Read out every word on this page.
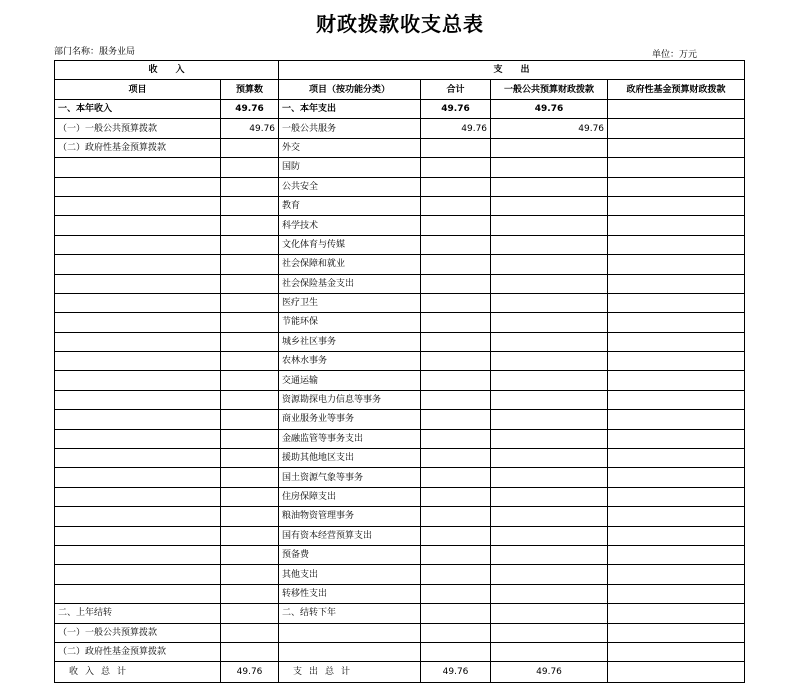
财政拨款收支总表
部门名称：服务业局	单位：万元
收　　入		支　　出			
项目	预算数	项目（按功能分类）	合计	一般公共预算财政拨款	政府性基金预算财政拨款
一、本年收入	49.76	一、本年支出	49.76	49.76	
（一）一般公共预算拨款	49.76	一般公共服务	49.76	49.76	
（二）政府性基金预算拨款		外交			
		国防			
		公共安全			
		教育			
		科学技术			
		文化体育与传媒			
		社会保障和就业			
		社会保险基金支出			
		医疗卫生			
		节能环保			
		城乡社区事务			
		农林水事务			
		交通运输			
		资源勘探电力信息等事务			
		商业服务业等事务			
		金融监管等事务支出			
		援助其他地区支出			
		国土资源气象等事务			
		住房保障支出			
		粮油物资管理事务			
		国有资本经营预算支出			
		预备费			
		其他支出			
		转移性支出			
二、上年结转		二、结转下年			
（一）一般公共预算拨款					
（二）政府性基金预算拨款					
收入总计	49.76	支出总计	49.76	49.76	
